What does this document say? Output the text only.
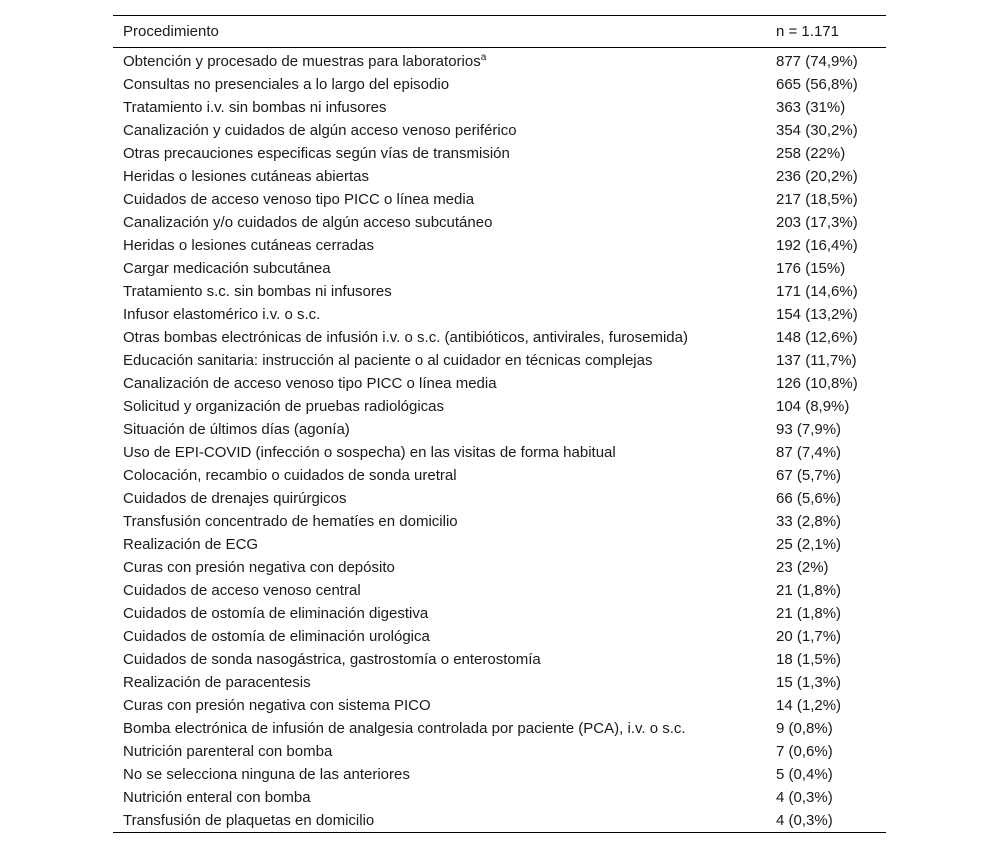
Procedimiento	n = 1.171
Obtención y procesado de muestras para laboratorios$^a$	877 (74,9%)
Consultas no presenciales a lo largo del episodio	665 (56,8%)
Tratamiento i.v. sin bombas ni infusores	363 (31%)
Canalización y cuidados de algún acceso venoso periférico	354 (30,2%)
Otras precauciones especificas según vías de transmisión	258 (22%)
Heridas o lesiones cutáneas abiertas	236 (20,2%)
Cuidados de acceso venoso tipo PICC o línea media	217 (18,5%)
Canalización y/o cuidados de algún acceso subcutáneo	203 (17,3%)
Heridas o lesiones cutáneas cerradas	192 (16,4%)
Cargar medicación subcutánea	176 (15%)
Tratamiento s.c. sin bombas ni infusores	171 (14,6%)
Infusor elastomérico i.v. o s.c.	154 (13,2%)
Otras bombas electrónicas de infusión i.v. o s.c. (antibióticos, antivirales, furosemida)	148 (12,6%)
Educación sanitaria: instrucción al paciente o al cuidador en técnicas complejas	137 (11,7%)
Canalización de acceso venoso tipo PICC o línea media	126 (10,8%)
Solicitud y organización de pruebas radiológicas	104 (8,9%)
Situación de últimos días (agonía)	93 (7,9%)
Uso de EPI-COVID (infección o sospecha) en las visitas de forma habitual	87 (7,4%)
Colocación, recambio o cuidados de sonda uretral	67 (5,7%)
Cuidados de drenajes quirúrgicos	66 (5,6%)
Transfusión concentrado de hematíes en domicilio	33 (2,8%)
Realización de ECG	25 (2,1%)
Curas con presión negativa con depósito	23 (2%)
Cuidados de acceso venoso central	21 (1,8%)
Cuidados de ostomía de eliminación digestiva	21 (1,8%)
Cuidados de ostomía de eliminación urológica	20 (1,7%)
Cuidados de sonda nasogástrica, gastrostomía o enterostomía	18 (1,5%)
Realización de paracentesis	15 (1,3%)
Curas con presión negativa con sistema PICO	14 (1,2%)
Bomba electrónica de infusión de analgesia controlada por paciente (PCA), i.v. o s.c.	9 (0,8%)
Nutrición parenteral con bomba	7 (0,6%)
No se selecciona ninguna de las anteriores	5 (0,4%)
Nutrición enteral con bomba	4 (0,3%)
Transfusión de plaquetas en domicilio	4 (0,3%)
